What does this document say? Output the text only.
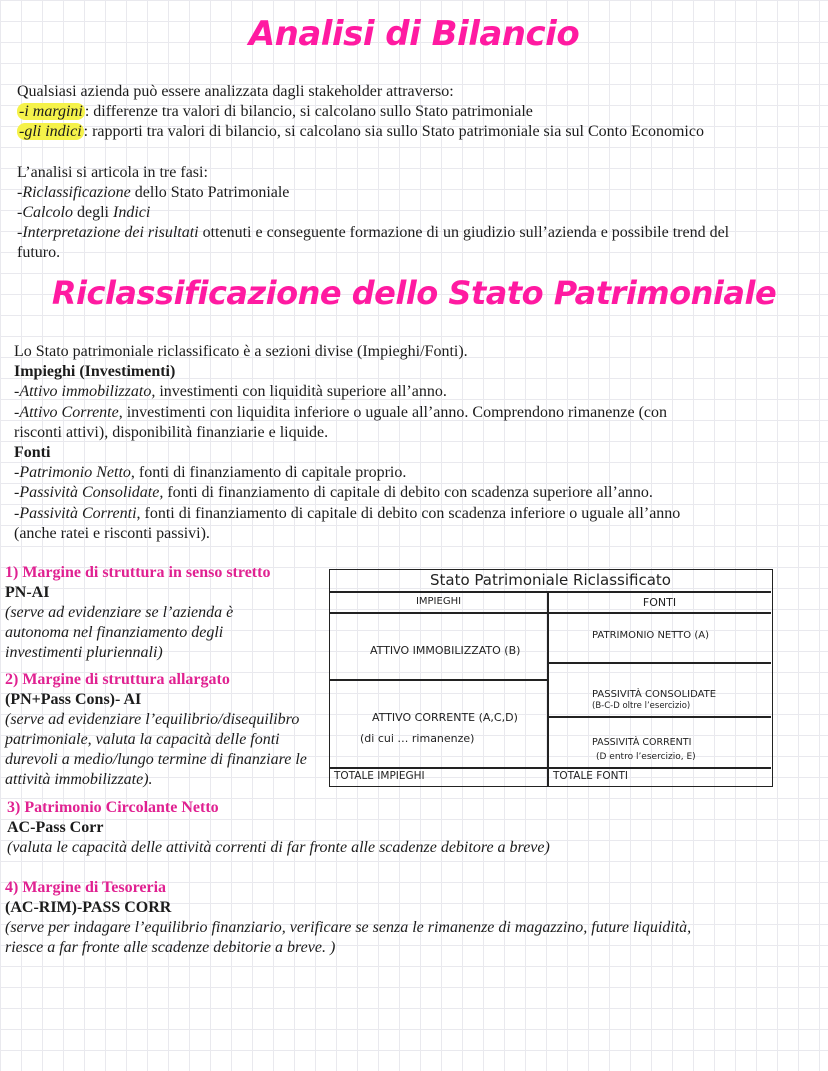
Analisi di Bilancio
Riclassificazione dello Stato Patrimoniale
Qualsiasi azienda può essere analizzata dagli stakeholder attraverso:
-i margini : differenze tra valori di bilancio, si calcolano sullo Stato patrimoniale
-gli indici : rapporti tra valori di bilancio, si calcolano sia sullo Stato patrimoniale sia sul Conto Economico
L’analisi si articola in tre fasi:
-Riclassificazione dello Stato Patrimoniale
-Calcolo degli Indici
-Interpretazione dei risultati ottenuti e conseguente formazione di un giudizio sull’azienda e possibile trend del
futuro.
Lo Stato patrimoniale riclassificato è a sezioni divise (Impieghi/Fonti).
Impieghi (Investimenti)
-Attivo immobilizzato, investimenti con liquidità superiore all’anno.
-Attivo Corrente, investimenti con liquidita inferiore o uguale all’anno. Comprendono rimanenze (con
risconti attivi), disponibilità finanziarie e liquide.
Fonti
-Patrimonio Netto, fonti di finanziamento di capitale proprio.
-Passività Consolidate, fonti di finanziamento di capitale di debito con scadenza superiore all’anno.
-Passività Correnti, fonti di finanziamento di capitale di debito con scadenza inferiore o uguale all’anno
(anche ratei e risconti passivi).
1) Margine di struttura in senso stretto
PN-AI
(serve ad evidenziare se l’azienda è
autonoma nel finanziamento degli
investimenti pluriennali)
2) Margine di struttura allargato
(PN+Pass Cons)- AI
(serve ad evidenziare l’equilibrio/disequilibro
patrimoniale, valuta la capacità delle fonti
durevoli a medio/lungo termine di finanziare le
attività immobilizzate).
3) Patrimonio Circolante Netto
AC-Pass Corr
(valuta le capacità delle attività correnti di far fronte alle scadenze debitore a breve)
4) Margine di Tesoreria
(AC-RIM)-PASS CORR
(serve per indagare l’equilibrio finanziario, verificare se senza le rimanenze di magazzino, future liquidità,
riesce a far fronte alle scadenze debitorie a breve. )
Stato Patrimoniale Riclassificato
IMPIEGHI	FONTI
ATTIVO IMMOBILIZZATO (B)
ATTIVO CORRENTE (A,C,D)
(di cui … rimanenze)
PATRIMONIO NETTO (A)
PASSIVITÀ CONSOLIDATE
(B-C-D oltre l’esercizio)
PASSIVITÀ CORRENTI
(D entro l’esercizio, E)
TOTALE IMPIEGHI	TOTALE FONTI
